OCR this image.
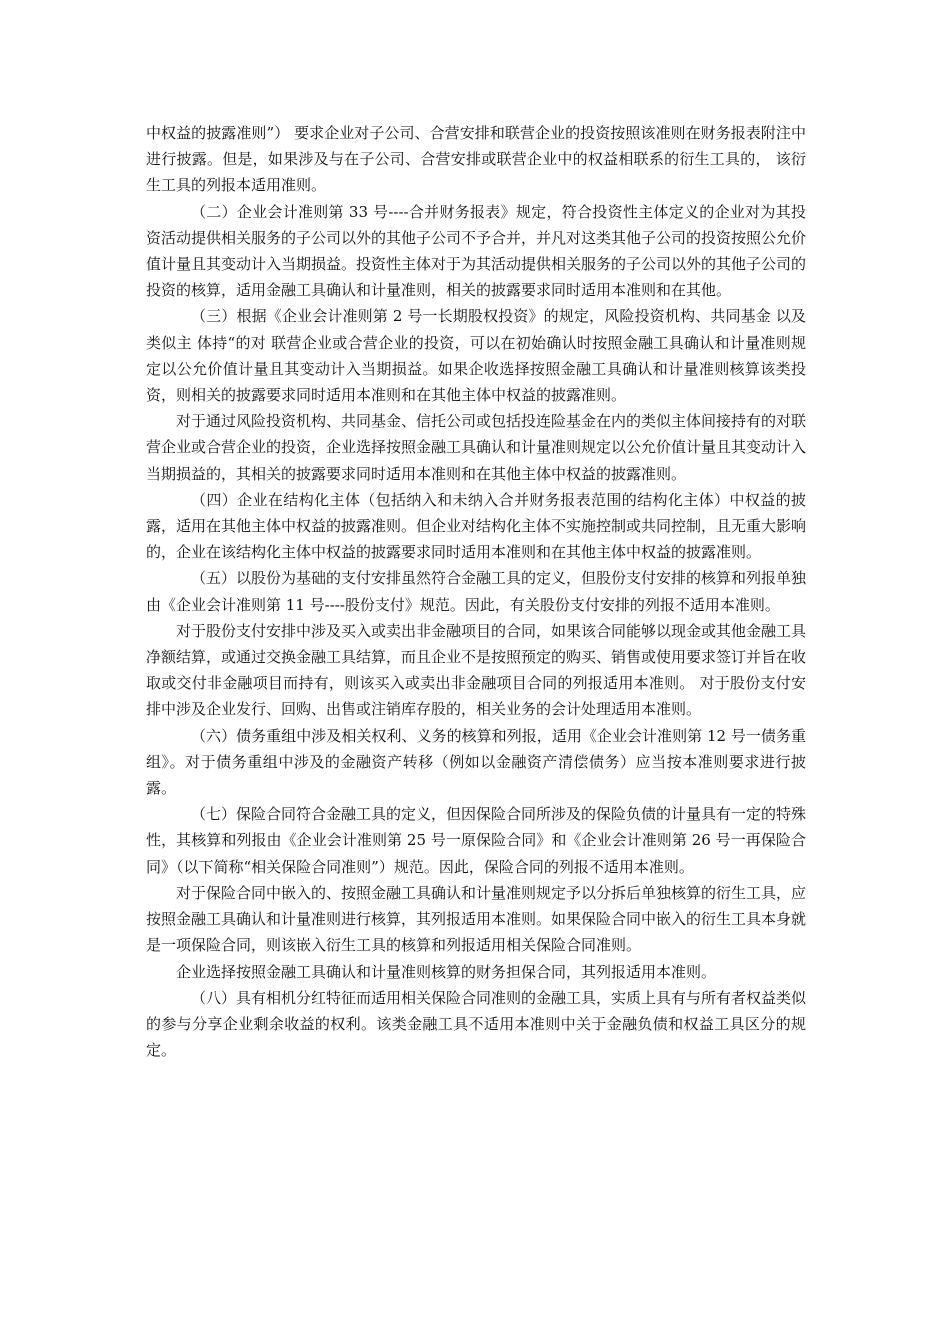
中权益的披露准则”） 要求企业对子公司、合营安排和联营企业的投资按照该准则在财务报表附注中进行披露。但是，如果涉及与在子公司、合营安排或联营企业中的权益相联系的衍生工具的， 该衍生工具的列报本适用准则。

（二）企业会计准则第 33 号----合并财务报表》规定，符合投资性主体定义的企业对为其投资活动提供相关服务的子公司以外的其他子公司不予合并，并凡对这类其他子公司的投资按照公允价值计量且其变动计入当期损益。投资性主体对于为其活动提供相关服务的子公司以外的其他子公司的投资的核算，适用金融工具确认和计量准则，相关的披露要求同时适用本准则和在其他。

（三）根据《企业会计准则第 2 号一长期股权投资》的规定，风险投资机构、共同基金 以及类似主 体持“的对 联营企业或合营企业的投资，可以在初始确认时按照金融工具确认和计量准则规定以公允价值计量且其变动计入当期损益。如果企收选择按照金融工具确认和计量准则核算该类投资，则相关的披露要求同时适用本准则和在其他主体中权益的披露准则。

对于通过风险投资机构、共同基金、信托公司或包括投连险基金在内的类似主体间接持有的对联营企业或合营企业的投资，企业选择按照金融工具确认和计量准则规定以公允价值计量且其变动计入当期损益的，其相关的披露要求同时适用本准则和在其他主体中权益的披露准则。

（四）企业在结构化主体（包括纳入和未纳入合并财务报表范围的结构化主体）中权益的披露，适用在其他主体中权益的披露准则。但企业对结构化主体不实施控制或共同控制，且无重大影响的，企业在该结构化主体中权益的披露要求同时适用本准则和在其他主体中权益的披露准则。

（五）以股份为基础的支付安排虽然符合金融工具的定义，但股份支付安排的核算和列报单独由《企业会计准则第 11 号----股份支付》规范。因此，有关股份支付安排的列报不适用本准则。

对于股份支付安排中涉及买入或卖出非金融项目的合同，如果该合同能够以现金或其他金融工具净额结算，或通过交换金融工具结算，而且企业不是按照预定的购买、销售或使用要求签订并旨在收取或交付非金融项目而持有，则该买入或卖出非金融项目合同的列报适用本准则。 对于股份支付安排中涉及企业发行、回购、出售或注销库存股的，相关业务的会计处理适用本准则。

（六）债务重组中涉及相关权利、义务的核算和列报，适用《企业会计准则第 12 号一债务重组》。对于债务重组中涉及的金融资产转移（例如以金融资产清偿债务）应当按本准则要求进行披露。

（七）保险合同符合金融工具的定义，但因保险合同所涉及的保险负债的计量具有一定的特殊性，其核算和列报由《企业会计准则第 25 号一原保险合同》和《企业会计准则第 26 号一再保险合同》（以下简称“相关保险合同准则”）规范。因此，保险合同的列报不适用本准则。

对于保险合同中嵌入的、按照金融工具确认和计量准则规定予以分拆后单独核算的衍生工具，应按照金融工具确认和计量准则进行核算，其列报适用本准则。如果保险合同中嵌入的衍生工具本身就是一项保险合同，则该嵌入衍生工具的核算和列报适用相关保险合同准则。

企业选择按照金融工具确认和计量准则核算的财务担保合同，其列报适用本准则。

（八）具有相机分红特征而适用相关保险合同准则的金融工具，实质上具有与所有者权益类似的参与分享企业剩余收益的权利。该类金融工具不适用本准则中关于金融负债和权益工具区分的规定。
